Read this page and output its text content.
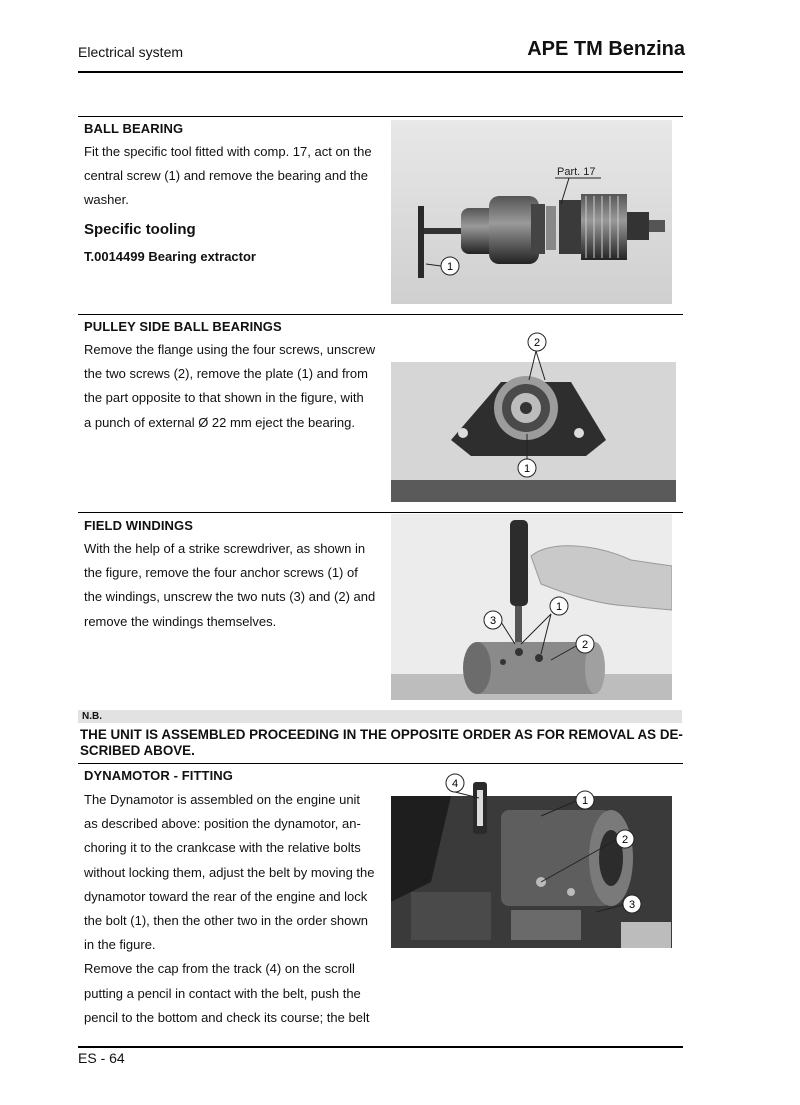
Electrical system	APE TM Benzina
BALL BEARING

Fit the specific tool fitted with comp. 17, act on the

central screw (1) and remove the bearing and the

washer.

Specific tooling
T.0014499 Bearing extractor
Part. 17
1
PULLEY SIDE BALL BEARINGS

Remove the flange using the four screws, unscrew

the two screws (2), remove the plate (1) and from

the part opposite to that shown in the figure, with

a punch of external Ø 22 mm eject the bearing.

2
1
FIELD WINDINGS

With the help of a strike screwdriver, as shown in

the figure, remove the four anchor screws (1) of

the windings, unscrew the two nuts (3) and (2) and

remove the windings themselves.

1
3
2
N.B.
THE UNIT IS ASSEMBLED PROCEEDING IN THE OPPOSITE ORDER AS FOR REMOVAL AS DE-SCRIBED ABOVE.
DYNAMOTOR - FITTING

The Dynamotor is assembled on the engine unit

as described above: position the dynamotor, an-

choring it to the crankcase with the relative bolts

without locking them, adjust the belt by moving the

dynamotor toward the rear of the engine and lock

the bolt (1), then the other two in the order shown

in the figure.

Remove the cap from the track (4) on the scroll

putting a pencil in contact with the belt, push the

pencil to the bottom and check its course; the belt

4
1
2
3
ES - 64
